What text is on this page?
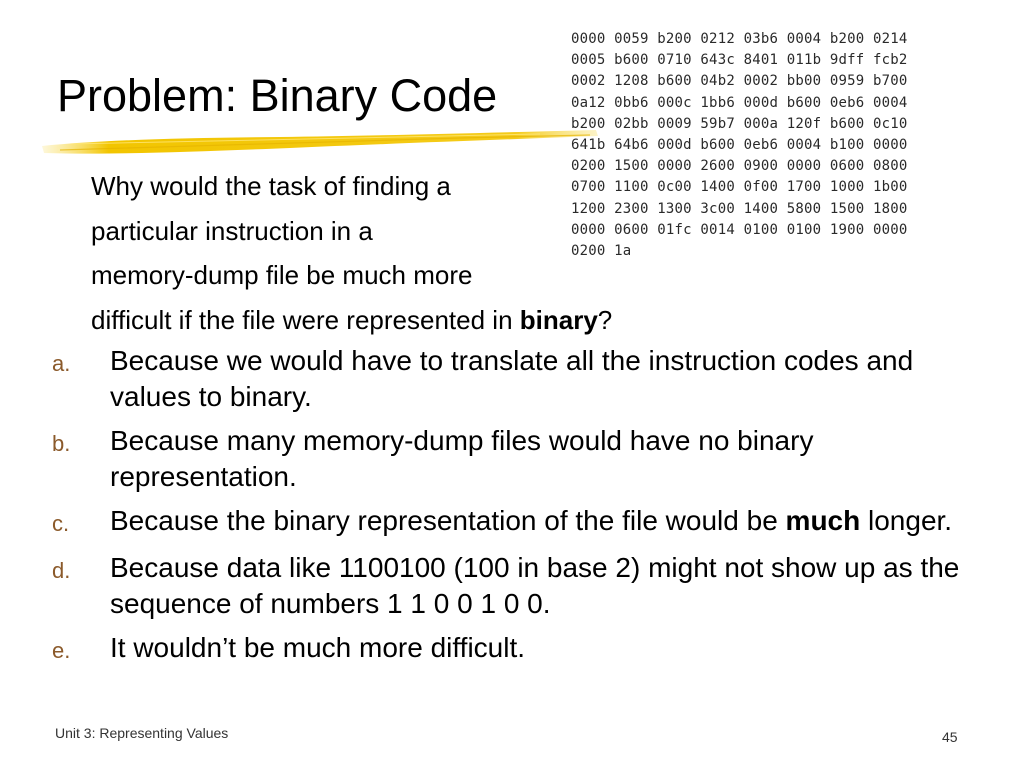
Problem: Binary Code
0000 0059 b200 0212 03b6 0004 b200 0214
0005 b600 0710 643c 8401 011b 9dff fcb2
0002 1208 b600 04b2 0002 bb00 0959 b700
0a12 0bb6 000c 1bb6 000d b600 0eb6 0004
b200 02bb 0009 59b7 000a 120f b600 0c10
641b 64b6 000d b600 0eb6 0004 b100 0000
0200 1500 0000 2600 0900 0000 0600 0800
0700 1100 0c00 1400 0f00 1700 1000 1b00
1200 2300 1300 3c00 1400 5800 1500 1800
0000 0600 01fc 0014 0100 0100 1900 0000
0200 1a
Why would the task of finding a
particular instruction in a
memory-dump file be much more
difficult if the file were represented in binary?
a.	Because we would have to translate all the instruction codes and values to binary.
b.	Because many memory-dump files would have no binary representation.
c.	Because the binary representation of the file would be much longer.
d.	Because data like 1100100 (100 in base 2) might not show up as the sequence of numbers 1 1 0 0 1 0 0.
e.	It wouldn’t be much more difficult.
Unit 3: Representing Values	45
